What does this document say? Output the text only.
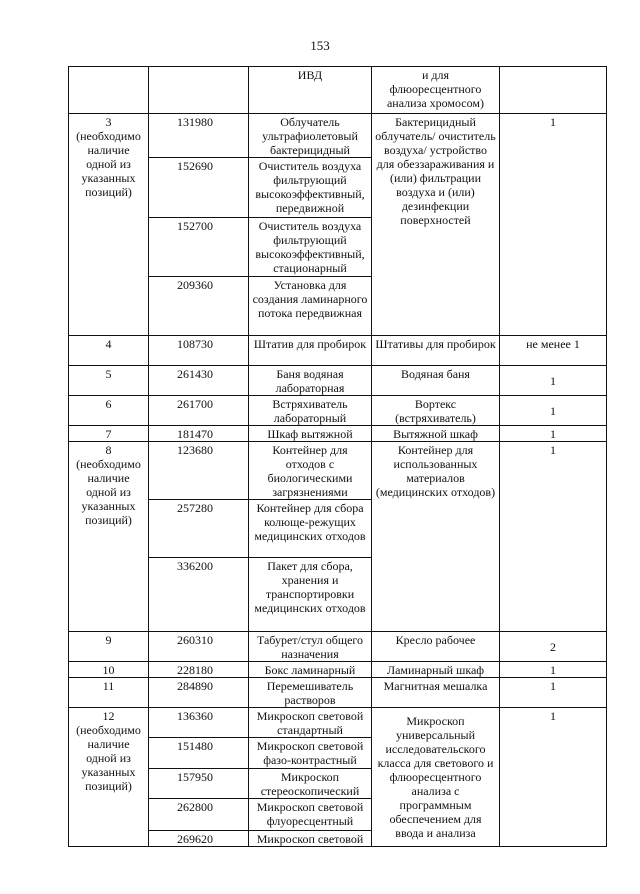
153
		ИВД	и для флюоресцентного анализа хромосом)	
3 (необходимо наличие одной из указанных позиций)	131980	Облучатель ультрафиолетовый бактерицидный	Бактерицидный облучатель/ очиститель воздуха/ устройство для обеззараживания и (или) фильтрации воздуха и (или) дезинфекции поверхностей	1
	152690	Очиститель воздуха фильтрующий высокоэффективный, передвижной		
	152700	Очиститель воздуха фильтрующий высокоэффективный, стационарный		
	209360	Установка для создания ламинарного потока передвижная		
4	108730	Штатив для пробирок	Штативы для пробирок	не менее 1
5	261430	Баня водяная лабораторная	Водяная баня	1
6	261700	Встряхиватель лабораторный	Вортекс (встряхиватель)	1
7	181470	Шкаф вытяжной	Вытяжной шкаф	1
8 (необходимо наличие одной из указанных позиций)	123680	Контейнер для отходов с биологическими загрязнениями	Контейнер для использованных материалов (медицинских отходов)	1
	257280	Контейнер для сбора колюще-режущих медицинских отходов		
	336200	Пакет для сбора, хранения и транспортировки медицинских отходов		
9	260310	Табурет/стул общего назначения	Кресло рабочее	2
10	228180	Бокс ламинарный	Ламинарный шкаф	1
11	284890	Перемешиватель растворов	Магнитная мешалка	1
12 (необходимо наличие одной из указанных позиций)	136360	Микроскоп световой стандартный	Микроскоп универсальный исследовательского класса для светового и флюоресцентного анализа с программным обеспечением для ввода и анализа	1
	151480	Микроскоп световой фазо-контрастный		
	157950	Микроскоп стереоскопический		
	262800	Микроскоп световой флуоресцентный		
	269620	Микроскоп световой		
